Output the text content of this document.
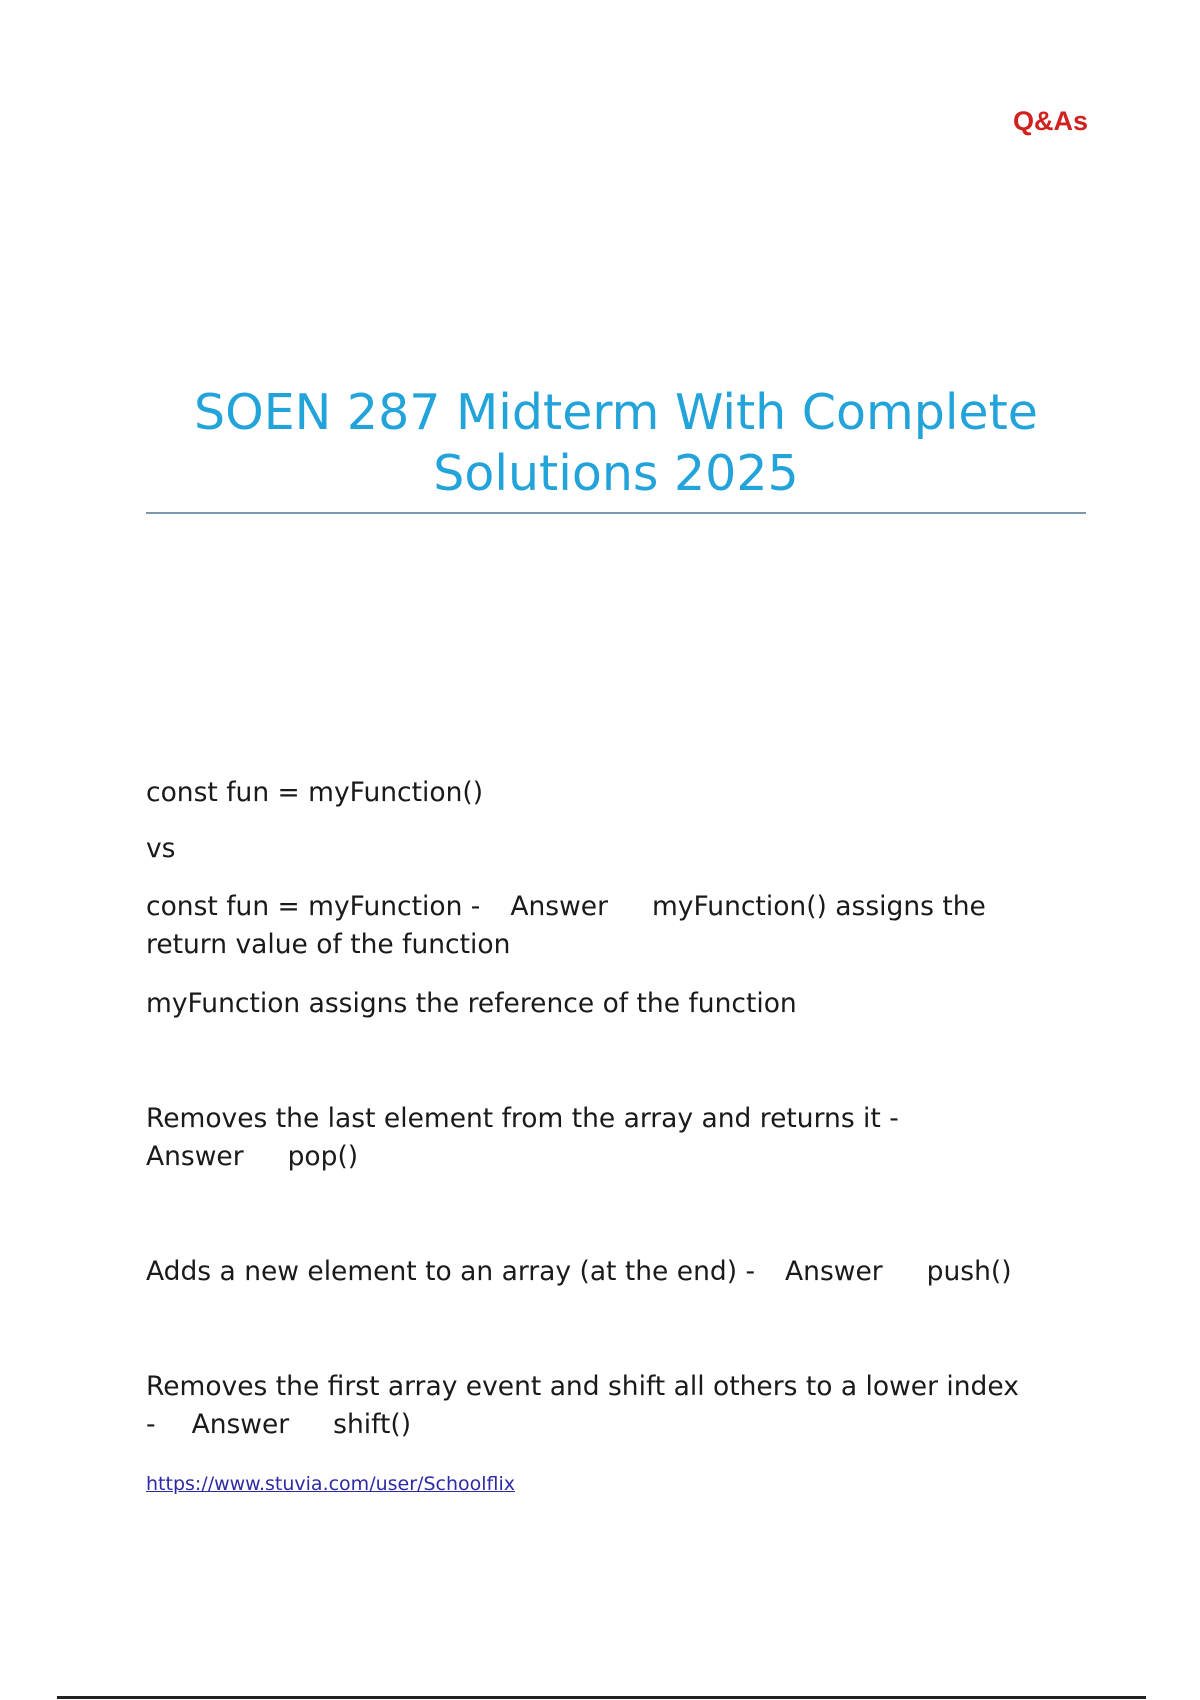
Q&As
SOEN 287 Midterm With Complete
Solutions 2025

const fun = myFunction()

vs

const fun = myFunction - Answer myFunction() assigns the
return value of the function

myFunction assigns the reference of the function

Removes the last element from the array and returns it -
Answer pop()

Adds a new element to an array (at the end) - Answer push()

Removes the first array event and shift all others to a lower index
- Answer shift()

https://www.stuvia.com/user/Schoolflix
